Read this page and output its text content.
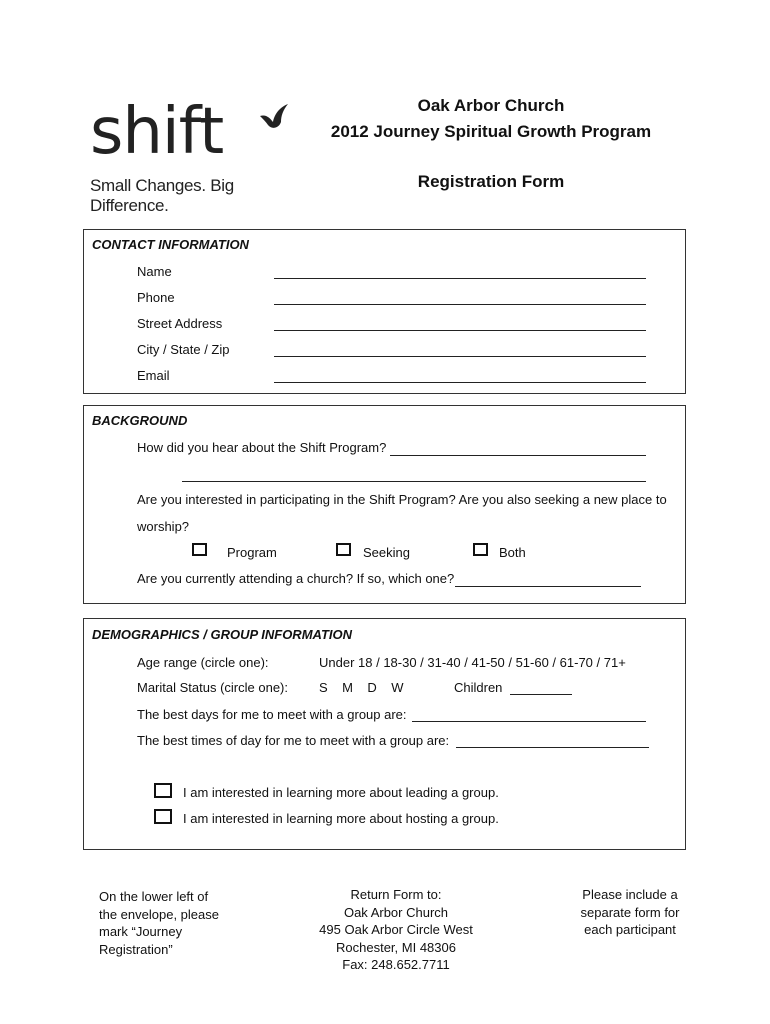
shift
Small Changes. Big Difference.
Oak Arbor Church
2012 Journey Spiritual Growth Program
Registration Form
CONTACT INFORMATION
Name
Phone
Street Address
City / State / Zip
Email
BACKGROUND
How did you hear about the Shift Program?
Are you interested in participating in the Shift Program? Are you also seeking a new place to
worship?
Program	Seeking	Both
Are you currently attending a church? If so, which one?
DEMOGRAPHICS / GROUP INFORMATION
Age range (circle one):	Under 18 / 18-30 / 31-40 / 41-50 / 51-60 / 61-70 / 71+
Marital Status (circle one): S    M    D    W	Children
The best days for me to meet with a group are:
The best times of day for me to meet with a group are:
I am interested in learning more about leading a group.
I am interested in learning more about hosting a group.
On the lower left of
the envelope, please
mark “Journey
Registration”
Return Form to:
Oak Arbor Church
495 Oak Arbor Circle West
Rochester, MI 48306
Fax: 248.652.7711
Please include a
separate form for
each participant
